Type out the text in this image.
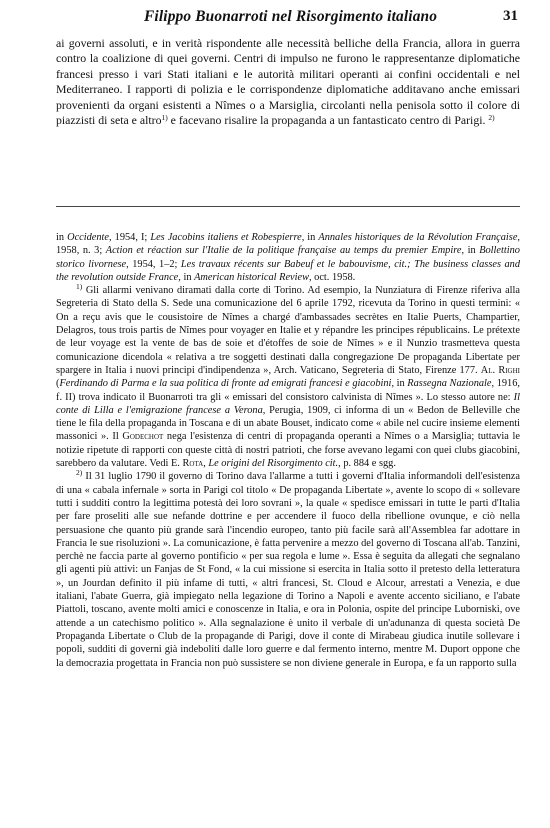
Filippo Buonarroti nel Risorgimento italiano	31

ai governi assoluti, e in verità rispondente alle necessità belliche della Francia, allora in guerra contro la coalizione di quei governi. Centri di impulso ne furono le rappresentanze diplomatiche francesi presso i vari Stati italiani e le autorità militari operanti ai confini occidentali e nel Mediterraneo. I rapporti di polizia e le corrispondenze diplomatiche additavano anche emissari provenienti da organi esistenti a Nîmes o a Marsiglia, circolanti nella penisola sotto il colore di piazzisti di seta e altro$^{1)}$ e facevano risalire la propaganda a un fantasticato centro di Parigi. $^{2)}$

in Occidente, 1954, I; Les Jacobins italiens et Robespierre, in Annales historiques de la Révolution Française, 1958, n. 3; Action et réaction sur l'Italie de la politique française au temps du premier Empire, in Bollettino storico livornese, 1954, 1–2; Les travaux récents sur Babeuf et le babouvisme, cit.; The business classes and the revolution outside France, in American historical Review, oct. 1958.

$^{1)}$ Gli allarmi venivano diramati dalla corte di Torino. Ad esempio, la Nunziatura di Firenze riferiva alla Segreteria di Stato della S. Sede una comunicazione del 6 aprile 1792, ricevuta da Torino in questi termini: « On a reçu avis que le cousistoire de Nîmes a chargé d'ambassades secrètes en Italie Puerts, Champartier, Delagros, tous trois partis de Nîmes pour voyager en Italie et y répandre les principes républicains. Le prétexte de leur voyage est la vente de bas de soie et d'étoffes de soie de Nîmes » e il Nunzio trasmetteva questa comunicazione dicendola « relativa a tre soggetti destinati dalla congregazione De propaganda Libertate per spargere in Italia i nuovi principi d'indipendenza », Arch. Vaticano, Segreteria di Stato, Firenze 177. Al. Righi (Ferdinando di Parma e la sua politica di fronte ad emigrati francesi e giacobini, in Rassegna Nazionale, 1916, f. II) trova indicato il Buonarroti tra gli « emissari del consistoro calvinista di Nîmes ». Lo stesso autore ne: Il conte di Lilla e l'emigrazione francese a Verona, Perugia, 1909, ci informa di un « Bedon de Belleville che tiene le fila della propaganda in Toscana e di un abate Bouset, indicato come « abile nel cucire insieme elementi massonici ». Il Godechot nega l'esistenza di centri di propaganda operanti a Nîmes o a Marsiglia; tuttavia le notizie ripetute di rapporti con queste città di nostri patrioti, che forse avevano legami con quei clubs giacobini, sarebbero da valutare. Vedi E. Rota, Le origini del Risorgimento cit., p. 884 e sgg.

$^{2)}$ Il 31 luglio 1790 il governo di Torino dava l'allarme a tutti i governi d'Italia informandoli dell'esistenza di una « cabala infernale » sorta in Parigi col titolo « De propaganda Libertate », avente lo scopo di « sollevare tutti i sudditi contro la legittima potestà dei loro sovrani », la quale « spedisce emissari in tutte le parti d'Italia per fare proseliti alle sue nefande dottrine e per accendere il fuoco della ribellione ovunque, e ciò nella persuasione che quanto più grande sarà l'incendio europeo, tanto più facile sarà all'Assemblea far adottare in Francia le sue risoluzioni ». La comunicazione, è fatta pervenire a mezzo del governo di Toscana all'ab. Tanzini, perchè ne faccia parte al governo pontificio « per sua regola e lume ». Essa è seguita da allegati che segnalano gli agenti più attivi: un Fanjas de St Fond, « la cui missione si esercita in Italia sotto il pretesto della letteratura », un Jourdan definito il più infame di tutti, « altri francesi, St. Cloud e Alcour, arrestati a Venezia, e due italiani, l'abate Guerra, già impiegato nella legazione di Torino a Napoli e avente accento siciliano, e l'abate Piattoli, toscano, avente molti amici e conoscenze in Italia, e ora in Polonia, ospite del principe Luborniski, ove attende a un catechismo politico ». Alla segnalazione è unito il verbale di un'adunanza di questa società De Propaganda Libertate o Club de la propagande di Parigi, dove il conte di Mirabeau giudica inutile sollevare i popoli, sudditi di governi già indeboliti dalle loro guerre e dal fermento interno, mentre M. Duport oppone che la democrazia progettata in Francia non può sussistere se non diviene generale in Europa, e fa un rapporto sulla
